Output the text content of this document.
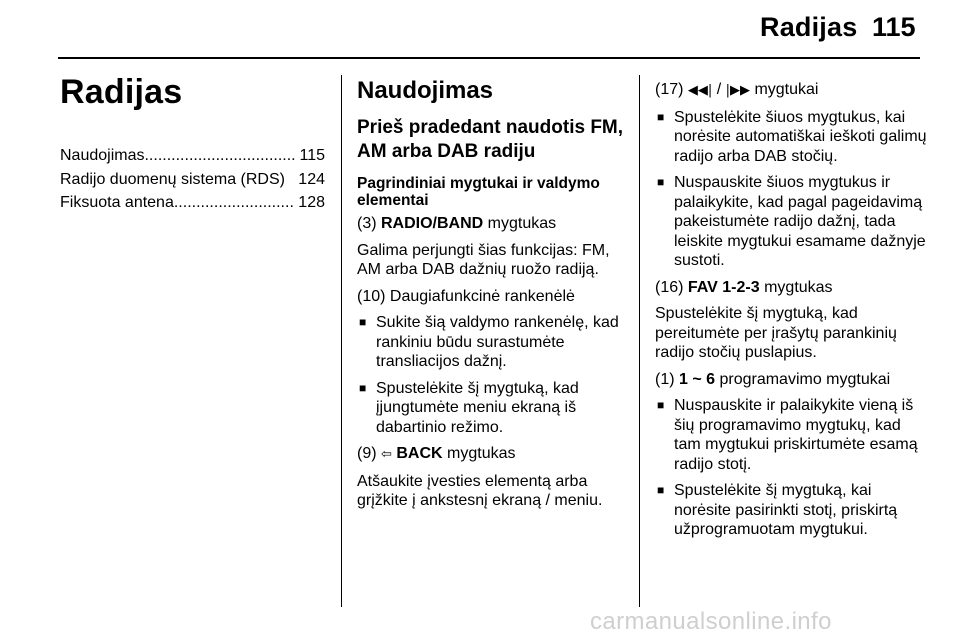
Radijas 115
Radijas
Naudojimas .....	115
Radijo duomenų sistema (RDS) 124
Fiksuota antena .....	128
Naudojimas
Prieš pradedant naudotis FM, AM arba DAB radiju
Pagrindiniai mygtukai ir valdymo elementai

(3) RADIO/BAND mygtukas

Galima perjungti šias funkcijas: FM, AM arba DAB dažnių ruožo radiją.

(10) Daugiafunkcinė rankenėlė

■ Sukite šią valdymo rankenėlę, kad rankiniu būdu surastumėte transliacijos dažnį.
■ Spustelėkite šį mygtuką, kad įjungtumėte meniu ekraną iš dabartinio režimo.

(9) ⇦ BACK mygtukas

Atšaukite įvesties elementą arba grįžkite į ankstesnį ekraną / meniu.

(17) ◀◀| / |▶▶ mygtukai

■ Spustelėkite šiuos mygtukus, kai norėsite automatiškai ieškoti galimų radijo arba DAB stočių.
■ Nuspauskite šiuos mygtukus ir palaikykite, kad pagal pageidavimą pakeistumėte radijo dažnį, tada leiskite mygtukui esamame dažnyje sustoti.

(16) FAV 1-2-3 mygtukas

Spustelėkite šį mygtuką, kad pereitumėte per įrašytų parankinių radijo stočių puslapius.

(1) 1 ~ 6 programavimo mygtukai

■ Nuspauskite ir palaikykite vieną iš šių programavimo mygtukų, kad tam mygtukui priskirtumėte esamą radijo stotį.
■ Spustelėkite šį mygtuką, kai norėsite pasirinkti stotį, priskirtą užprogramuotam mygtukui.
carmanualsonline.info
